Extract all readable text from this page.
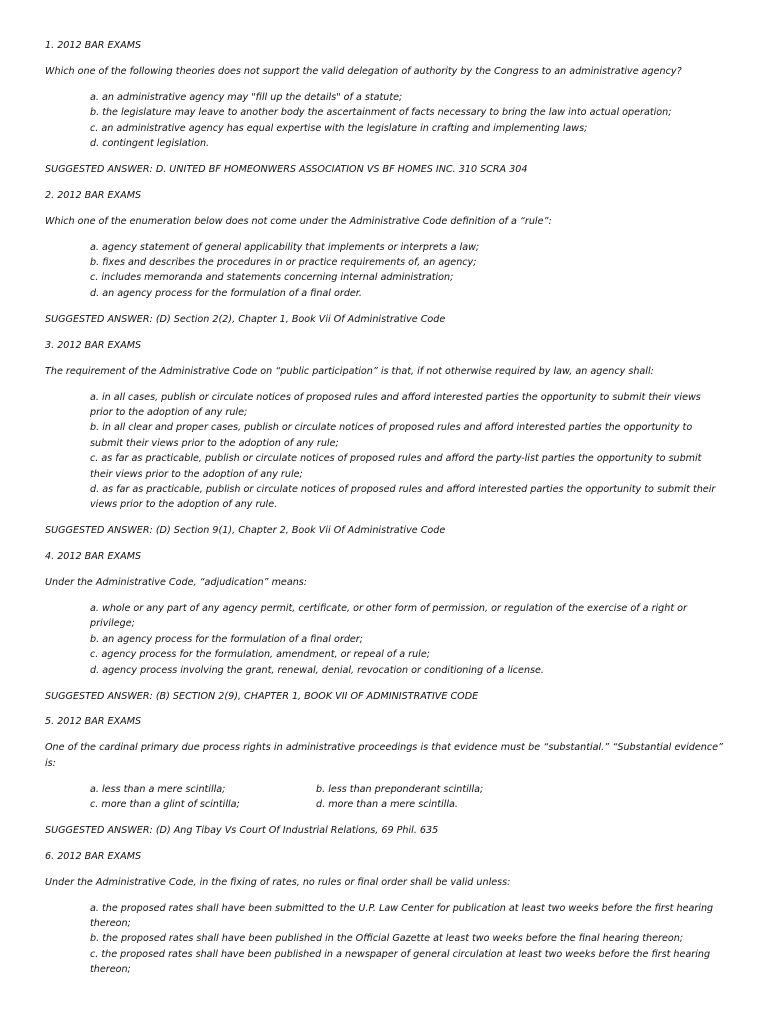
1. 2012 BAR EXAMS

Which one of the following theories does not support the valid delegation of authority by the Congress to an administrative agency?

a. an administrative agency may "fill up the details" of a statute;
b. the legislature may leave to another body the ascertainment of facts necessary to bring the law into actual operation;
c. an administrative agency has equal expertise with the legislature in crafting and implementing laws;
d. contingent legislation.

SUGGESTED ANSWER: D. UNITED BF HOMEONWERS ASSOCIATION VS BF HOMES INC. 310 SCRA 304

2. 2012 BAR EXAMS

Which one of the enumeration below does not come under the Administrative Code definition of a “rule”:

a. agency statement of general applicability that implements or interprets a law;
b. fixes and describes the procedures in or practice requirements of, an agency;
c. includes memoranda and statements concerning internal administration;
d. an agency process for the formulation of a final order.

SUGGESTED ANSWER: (D) Section 2(2), Chapter 1, Book Vii Of Administrative Code

3. 2012 BAR EXAMS

The requirement of the Administrative Code on “public participation” is that, if not otherwise required by law, an agency shall:

a. in all cases, publish or circulate notices of proposed rules and afford interested parties the opportunity to submit their views prior to the adoption of any rule;
b. in all clear and proper cases, publish or circulate notices of proposed rules and afford interested parties the opportunity to submit their views prior to the adoption of any rule;
c. as far as practicable, publish or circulate notices of proposed rules and afford the party-list parties the opportunity to submit their views prior to the adoption of any rule;
d. as far as practicable, publish or circulate notices of proposed rules and afford interested parties the opportunity to submit their views prior to the adoption of any rule.

SUGGESTED ANSWER: (D) Section 9(1), Chapter 2, Book Vii Of Administrative Code

4. 2012 BAR EXAMS

Under the Administrative Code, “adjudication” means:

a. whole or any part of any agency permit, certificate, or other form of permission, or regulation of the exercise of a right or privilege;
b. an agency process for the formulation of a final order;
c. agency process for the formulation, amendment, or repeal of a rule;
d. agency process involving the grant, renewal, denial, revocation or conditioning of a license.

SUGGESTED ANSWER: (B) SECTION 2(9), CHAPTER 1, BOOK VII OF ADMINISTRATIVE CODE

5. 2012 BAR EXAMS

One of the cardinal primary due process rights in administrative proceedings is that evidence must be “substantial.” “Substantial evidence” is:

a. less than a mere scintilla;	b. less than preponderant scintilla;
c. more than a glint of scintilla;	d. more than a mere scintilla.

SUGGESTED ANSWER: (D) Ang Tibay Vs Court Of Industrial Relations, 69 Phil. 635

6. 2012 BAR EXAMS

Under the Administrative Code, in the fixing of rates, no rules or final order shall be valid unless:

a. the proposed rates shall have been submitted to the U.P. Law Center for publication at least two weeks before the first hearing thereon;
b. the proposed rates shall have been published in the Official Gazette at least two weeks before the final hearing thereon;
c. the proposed rates shall have been published in a newspaper of general circulation at least two weeks before the first hearing thereon;
